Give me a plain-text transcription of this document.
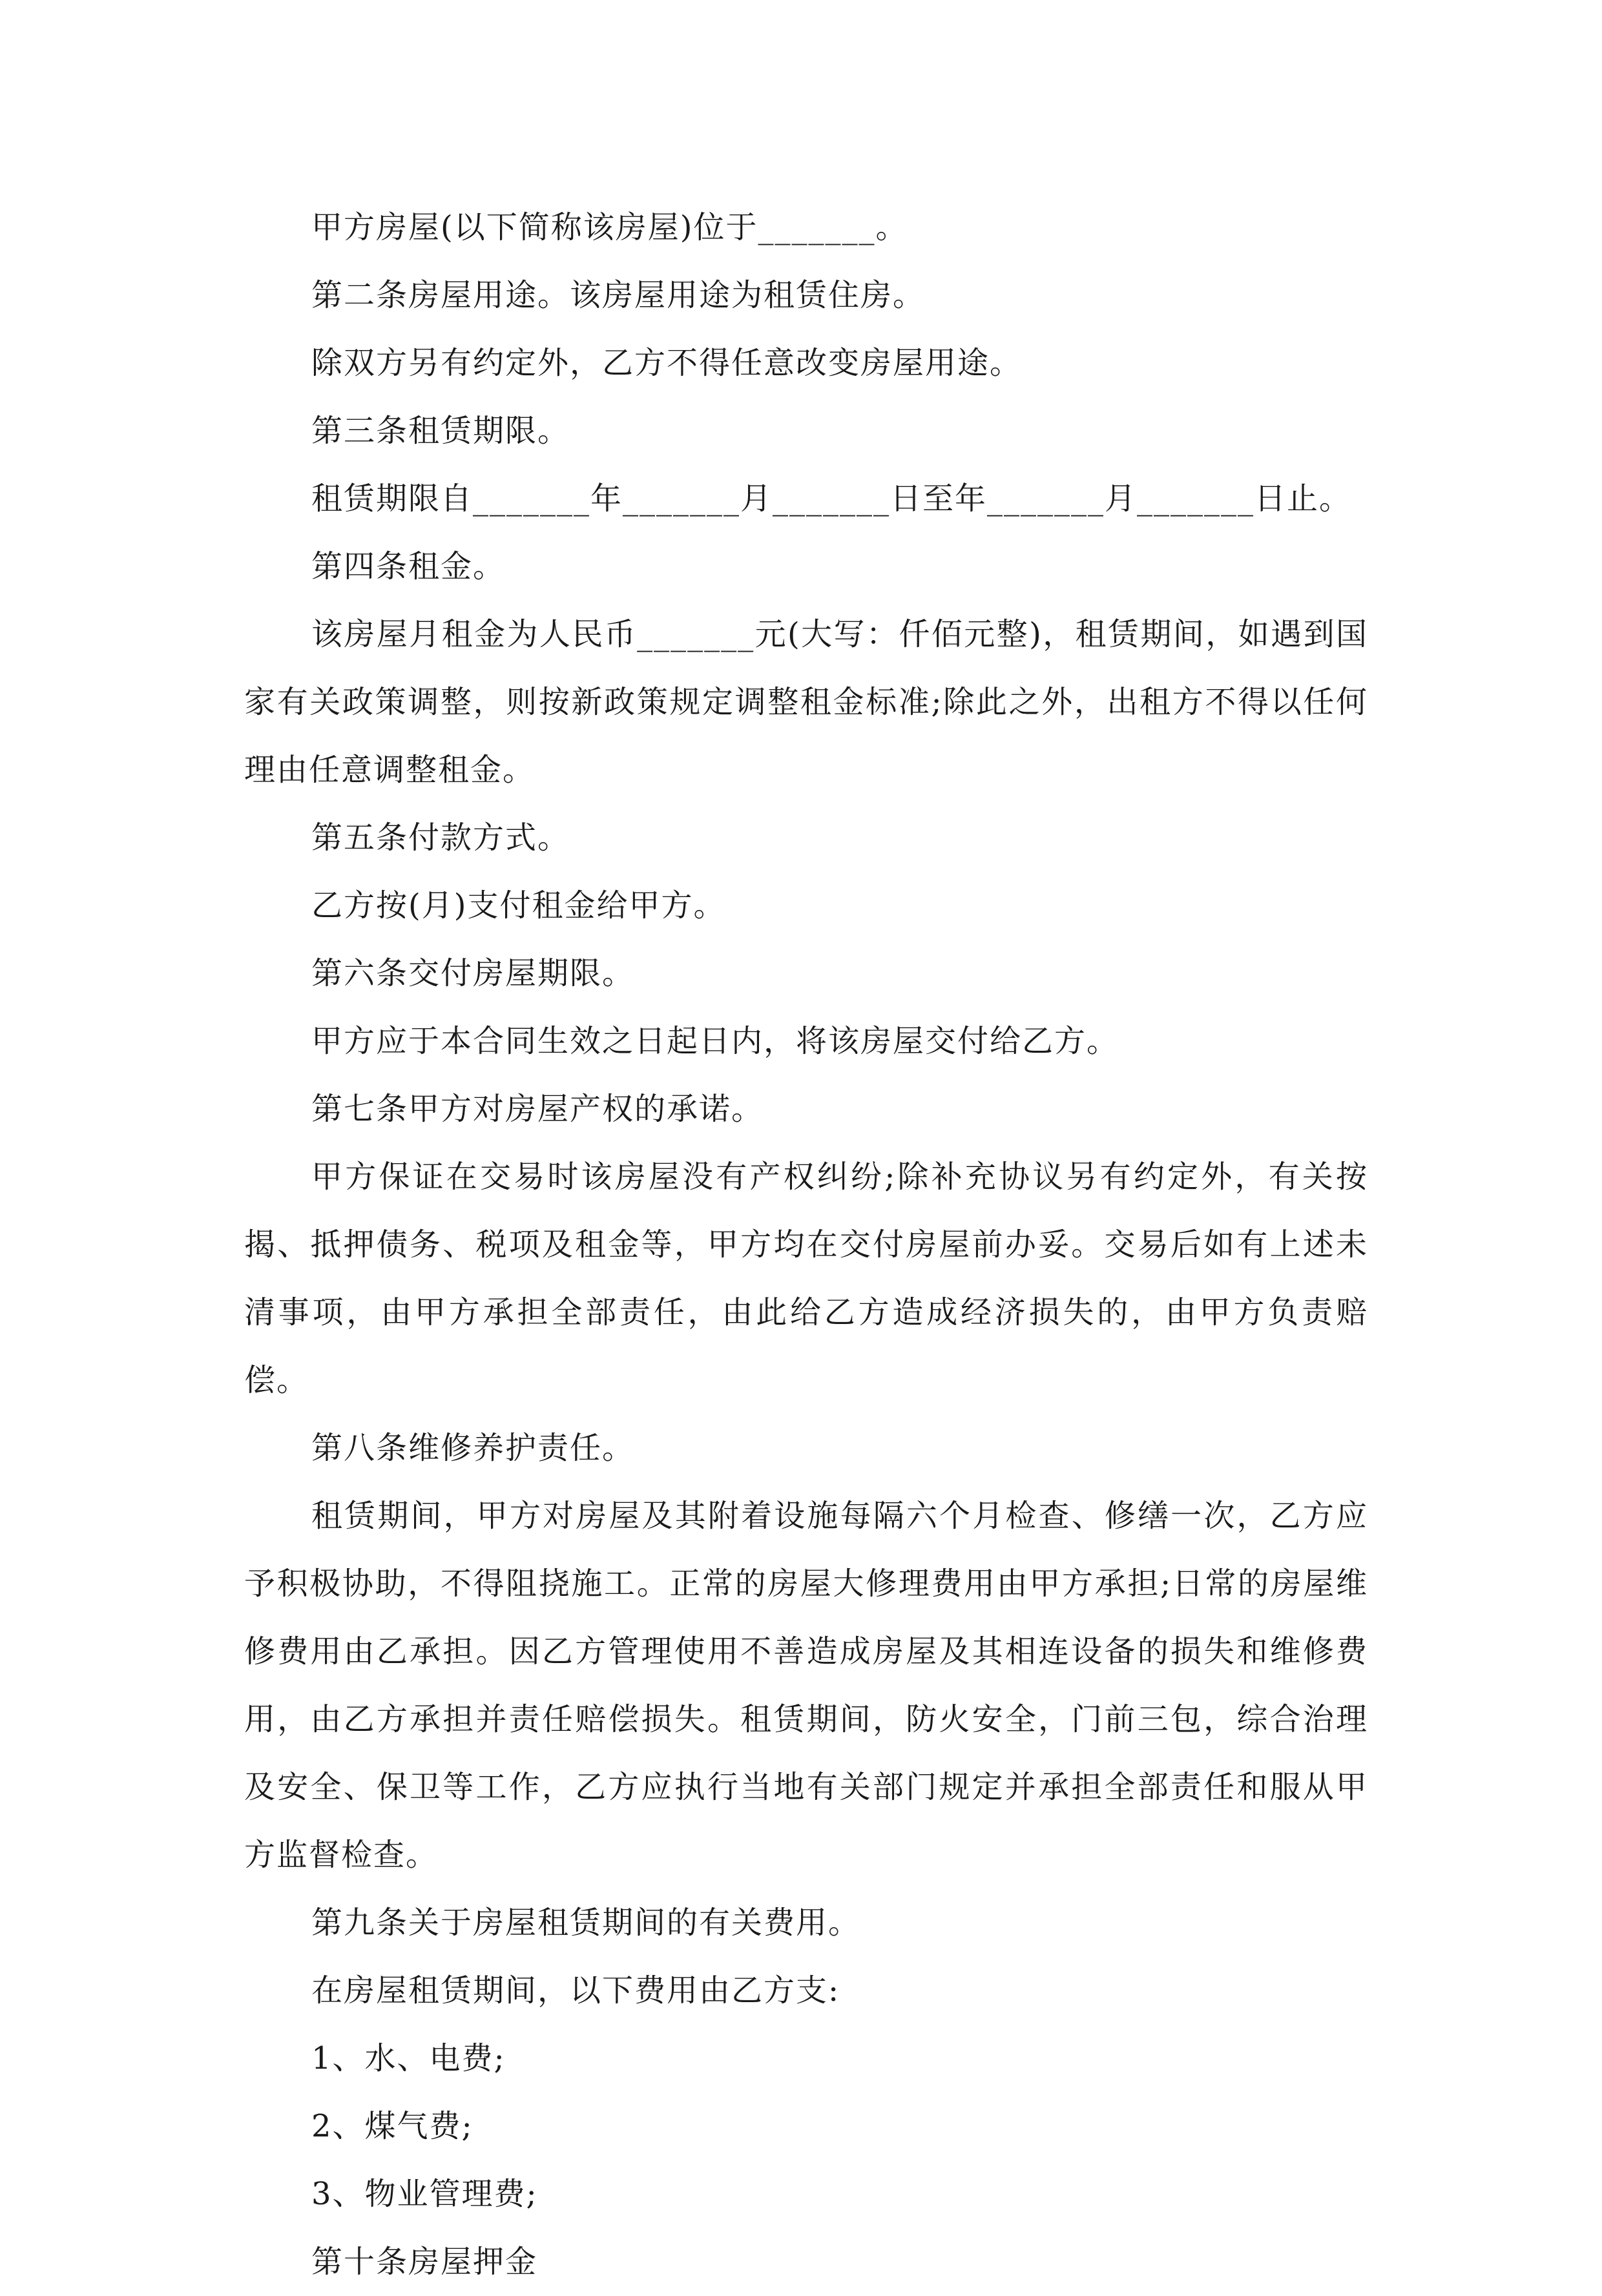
甲方房屋(以下简称该房屋)位于_______。

第二条房屋用途。该房屋用途为租赁住房。

除双方另有约定外，乙方不得任意改变房屋用途。

第三条租赁期限。

租赁期限自_______年_______月_______日至年_______月_______日止。

第四条租金。

该房屋月租金为人民币_______元(大写：仟佰元整)，租赁期间，如遇到国家有关政策调整，则按新政策规定调整租金标准;除此之外，出租方不得以任何理由任意调整租金。

第五条付款方式。

乙方按(月)支付租金给甲方。

第六条交付房屋期限。

甲方应于本合同生效之日起日内，将该房屋交付给乙方。

第七条甲方对房屋产权的承诺。

甲方保证在交易时该房屋没有产权纠纷;除补充协议另有约定外，有关按揭、抵押债务、税项及租金等，甲方均在交付房屋前办妥。交易后如有上述未清事项，由甲方承担全部责任，由此给乙方造成经济损失的，由甲方负责赔偿。

第八条维修养护责任。

租赁期间，甲方对房屋及其附着设施每隔六个月检查、修缮一次，乙方应予积极协助，不得阻挠施工。正常的房屋大修理费用由甲方承担;日常的房屋维修费用由乙承担。因乙方管理使用不善造成房屋及其相连设备的损失和维修费用，由乙方承担并责任赔偿损失。租赁期间，防火安全，门前三包，综合治理及安全、保卫等工作，乙方应执行当地有关部门规定并承担全部责任和服从甲方监督检查。

第九条关于房屋租赁期间的有关费用。

在房屋租赁期间，以下费用由乙方支:

1、水、电费;

2、煤气费;

3、物业管理费;

第十条房屋押金
